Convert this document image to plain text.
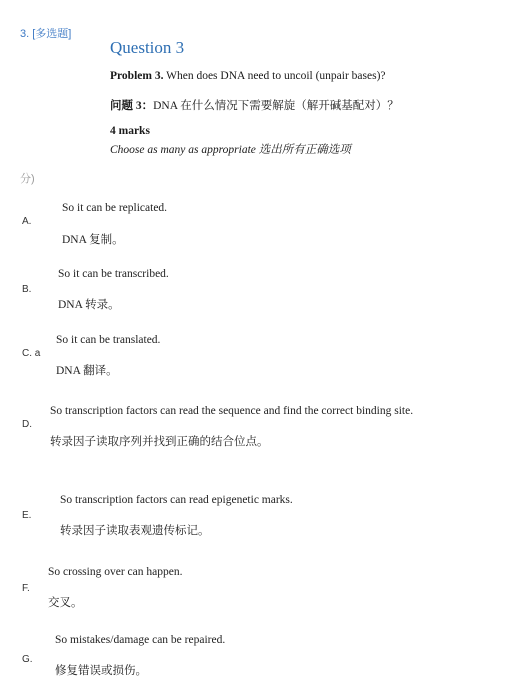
3. [多选题]
Question 3
Problem 3. When does DNA need to uncoil (unpair bases)?
问题 3：DNA 在什么情况下需要解旋（解开碱基配对）？
4 marks
Choose as many as appropriate 选出所有正确选项
分)
A.
So it can be replicated.
DNA 复制。
B.
So it can be transcribed.
DNA 转录。
C. a
So it can be translated.
DNA 翻译。
D.
So transcription factors can read the sequence and find the correct binding site.
转录因子读取序列并找到正确的结合位点。
E.
So transcription factors can read epigenetic marks.
转录因子读取表观遗传标记。
F.
So crossing over can happen.
交叉。
G.
So mistakes/damage can be repaired.
修复错误或损伤。
